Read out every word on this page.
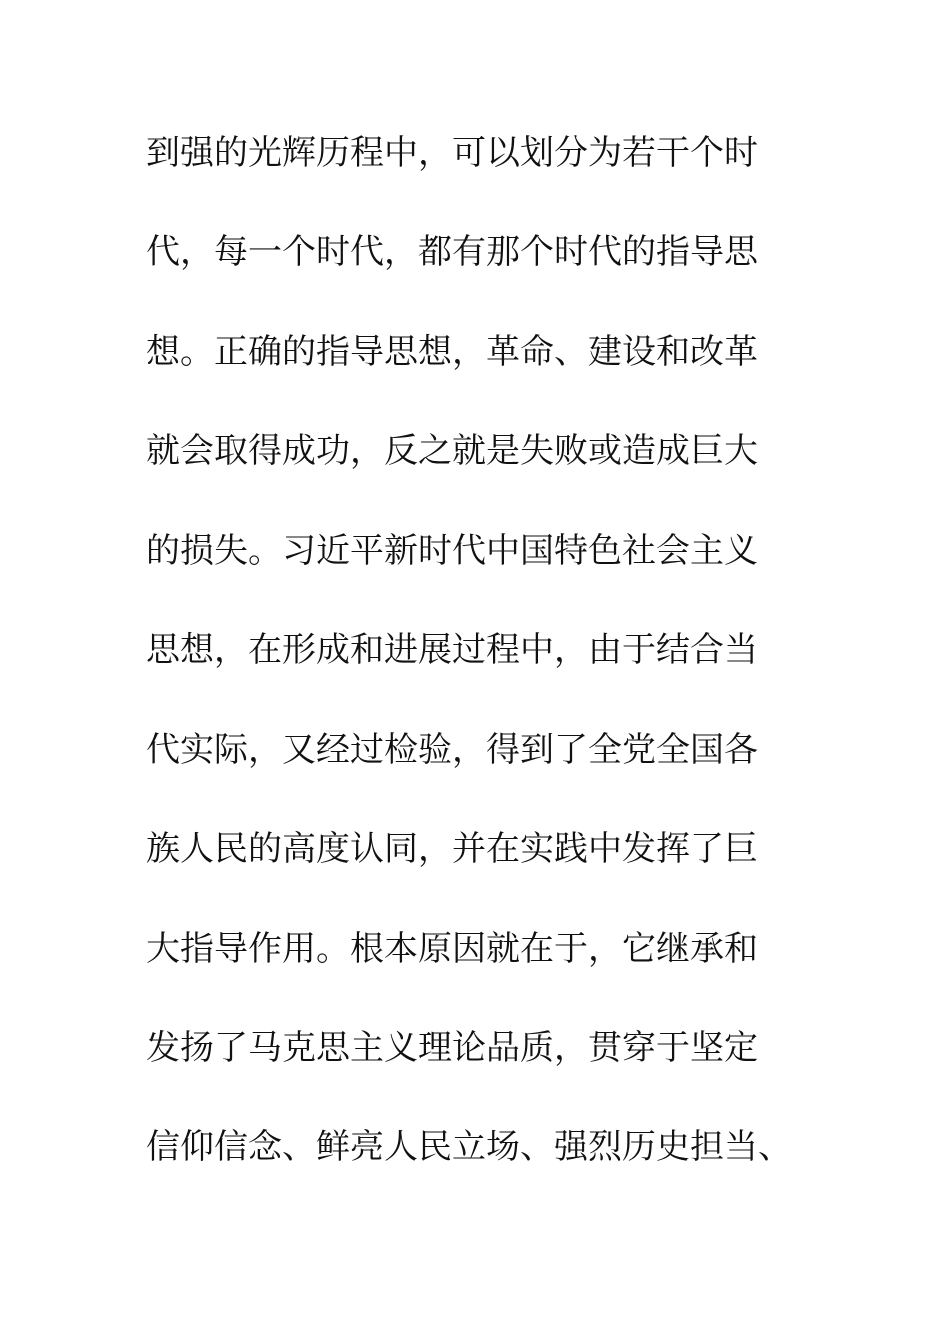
到强的光辉历程中，可以划分为若干个时
代，每一个时代，都有那个时代的指导思
想。正确的指导思想，革命、建设和改革
就会取得成功，反之就是失败或造成巨大
的损失。习近平新时代中国特色社会主义
思想，在形成和进展过程中，由于结合当
代实际，又经过检验，得到了全党全国各
族人民的高度认同，并在实践中发挥了巨
大指导作用。根本原因就在于，它继承和
发扬了马克思主义理论品质，贯穿于坚定
信仰信念、鲜亮人民立场、强烈历史担当、
